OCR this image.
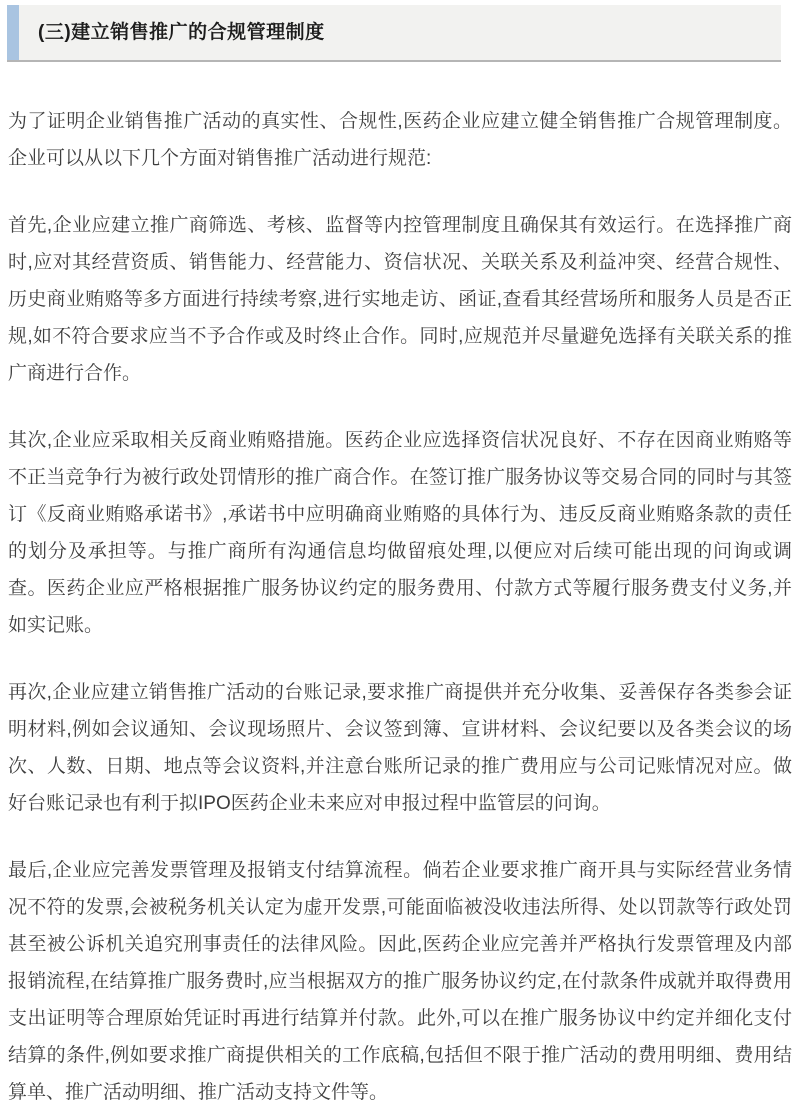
(三)建立销售推广的合规管理制度

为了证明企业销售推广活动的真实性、合规性,医药企业应建立健全销售推广合规管理制度。企业可以从以下几个方面对销售推广活动进行规范:

首先,企业应建立推广商筛选、考核、监督等内控管理制度且确保其有效运行。在选择推广商时,应对其经营资质、销售能力、经营能力、资信状况、关联关系及利益冲突、经营合规性、历史商业贿赂等多方面进行持续考察,进行实地走访、函证,查看其经营场所和服务人员是否正规,如不符合要求应当不予合作或及时终止合作。同时,应规范并尽量避免选择有关联关系的推广商进行合作。

其次,企业应采取相关反商业贿赂措施。医药企业应选择资信状况良好、不存在因商业贿赂等不正当竞争行为被行政处罚情形的推广商合作。在签订推广服务协议等交易合同的同时与其签订《反商业贿赂承诺书》,承诺书中应明确商业贿赂的具体行为、违反反商业贿赂条款的责任的划分及承担等。与推广商所有沟通信息均做留痕处理,以便应对后续可能出现的问询或调查。医药企业应严格根据推广服务协议约定的服务费用、付款方式等履行服务费支付义务,并如实记账。

再次,企业应建立销售推广活动的台账记录,要求推广商提供并充分收集、妥善保存各类参会证明材料,例如会议通知、会议现场照片、会议签到簿、宣讲材料、会议纪要以及各类会议的场次、人数、日期、地点等会议资料,并注意台账所记录的推广费用应与公司记账情况对应。做好台账记录也有利于拟IPO医药企业未来应对申报过程中监管层的问询。

最后,企业应完善发票管理及报销支付结算流程。倘若企业要求推广商开具与实际经营业务情况不符的发票,会被税务机关认定为虚开发票,可能面临被没收违法所得、处以罚款等行政处罚甚至被公诉机关追究刑事责任的法律风险。因此,医药企业应完善并严格执行发票管理及内部报销流程,在结算推广服务费时,应当根据双方的推广服务协议约定,在付款条件成就并取得费用支出证明等合理原始凭证时再进行结算并付款。此外,可以在推广服务协议中约定并细化支付结算的条件,例如要求推广商提供相关的工作底稿,包括但不限于推广活动的费用明细、费用结算单、推广活动明细、推广活动支持文件等。
